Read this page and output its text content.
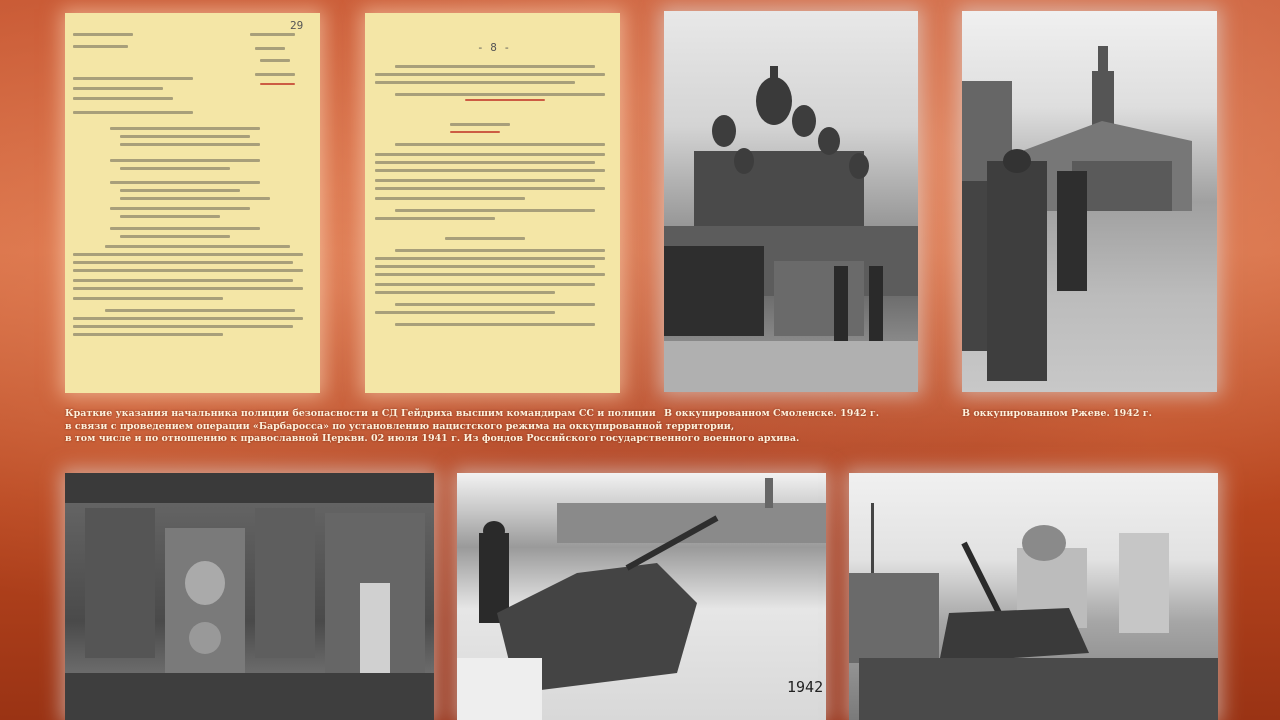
29
- 8 -
Краткие указания начальника полиции безопасности и СД Гейдриха высшим командирам СС и полиции
в связи с проведением операции «Барбаросса» по установлению нацистского режима на оккупированной территории,
в том числе и по отношению к православной Церкви. 02 июля 1941 г. Из фондов Российского государственного военного архива.
В оккупированном Смоленске. 1942 г.	В оккупированном Ржеве. 1942 г.
1942
